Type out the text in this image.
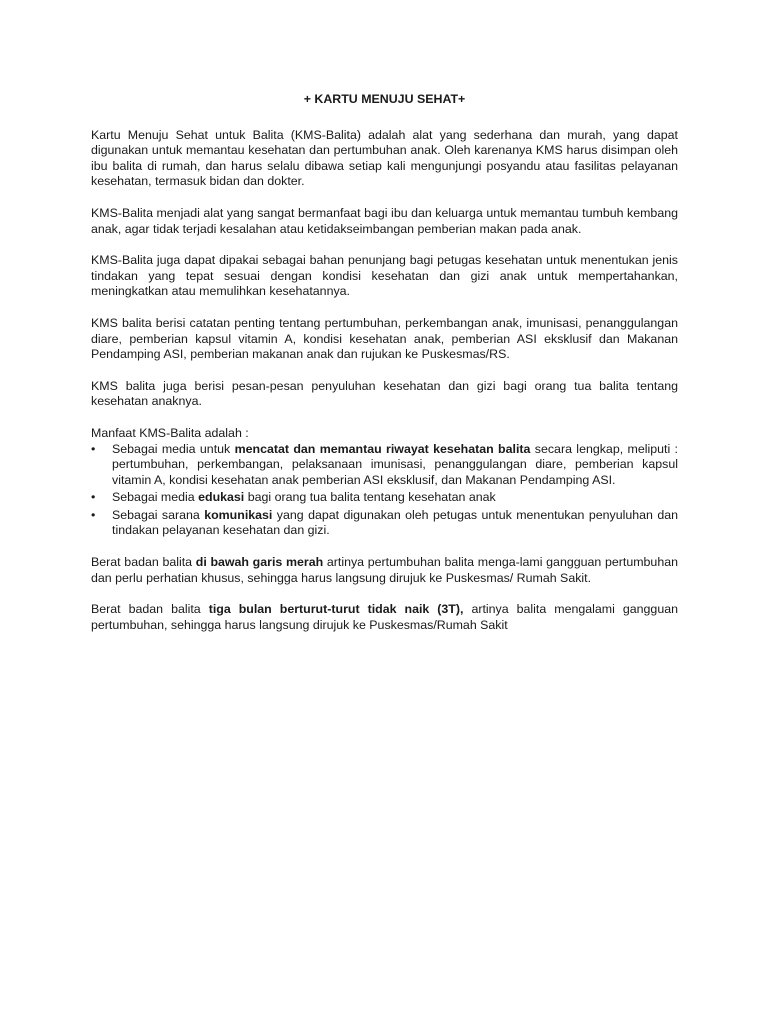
+ KARTU MENUJU SEHAT+

Kartu Menuju Sehat untuk Balita (KMS-Balita) adalah alat yang sederhana dan murah, yang dapat digunakan untuk memantau kesehatan dan pertumbuhan anak. Oleh karenanya KMS harus disimpan oleh ibu balita di rumah, dan harus selalu dibawa setiap kali mengunjungi posyandu atau fasilitas pelayanan kesehatan, termasuk bidan dan dokter.

KMS-Balita menjadi alat yang sangat bermanfaat bagi ibu dan keluarga untuk memantau tumbuh kembang anak, agar tidak terjadi kesalahan atau ketidakseimbangan pemberian makan pada anak.

KMS-Balita juga dapat dipakai sebagai bahan penunjang bagi petugas kesehatan untuk menentukan jenis tindakan yang tepat sesuai dengan kondisi kesehatan dan gizi anak untuk mempertahankan, meningkatkan atau memulihkan kesehatannya.

KMS balita berisi catatan penting tentang pertumbuhan, perkembangan anak, imunisasi, penanggulangan diare, pemberian kapsul vitamin A, kondisi kesehatan anak, pemberian ASI eksklusif dan Makanan Pendamping ASI, pemberian makanan anak dan rujukan ke Puskesmas/RS.

KMS balita juga berisi pesan-pesan penyuluhan kesehatan dan gizi bagi orang tua balita tentang kesehatan anaknya.

Manfaat KMS-Balita adalah :

•	Sebagai media untuk mencatat dan memantau riwayat kesehatan balita secara lengkap, meliputi : pertumbuhan, perkembangan, pelaksanaan imunisasi, penanggulangan diare, pemberian kapsul vitamin A, kondisi kesehatan anak pemberian ASI eksklusif, dan Makanan Pendamping ASI.
•	Sebagai media edukasi bagi orang tua balita tentang kesehatan anak
•	Sebagai sarana komunikasi yang dapat digunakan oleh petugas untuk menentukan penyuluhan dan tindakan pelayanan kesehatan dan gizi.

Berat badan balita di bawah garis merah artinya pertumbuhan balita menga-lami gangguan pertumbuhan dan perlu perhatian khusus, sehingga harus langsung dirujuk ke Puskesmas/ Rumah Sakit.

Berat badan balita tiga bulan berturut-turut tidak naik (3T), artinya balita mengalami gangguan pertumbuhan, sehingga harus langsung dirujuk ke Puskesmas/Rumah Sakit
